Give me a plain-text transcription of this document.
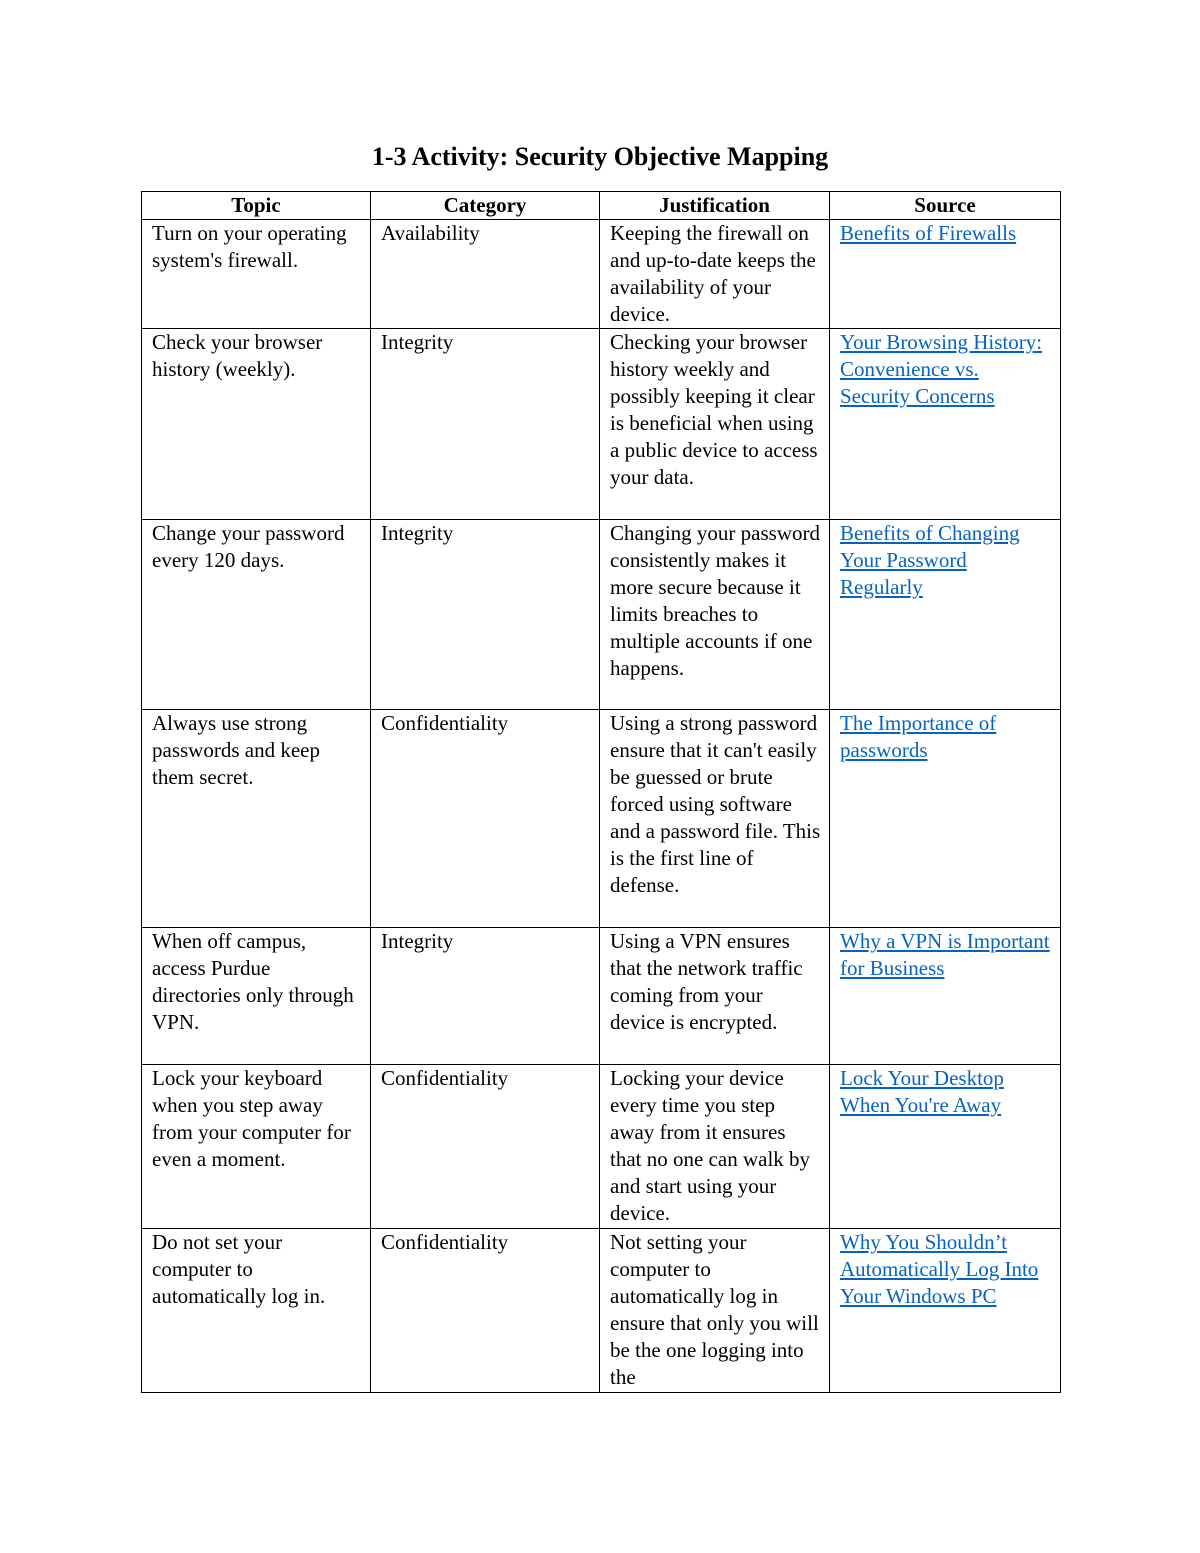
1-3 Activity: Security Objective Mapping
Topic	Category	Justification	Source
Turn on your operating system's firewall.	Availability	Keeping the firewall on and up-to-date keeps the availability of your device.	Benefits of Firewalls
Check your browser history (weekly).	Integrity	Checking your browser history weekly and possibly keeping it clear is beneficial when using a public device to access your data.	Your Browsing History: Convenience vs. Security Concerns
Change your password every 120 days.	Integrity	Changing your password consistently makes it more secure because it limits breaches to multiple accounts if one happens.	Benefits of Changing Your Password Regularly
Always use strong passwords and keep them secret.	Confidentiality	Using a strong password ensure that it can't easily be guessed or brute forced using software and a password file. This is the first line of defense.	The Importance of passwords
When off campus, access Purdue directories only through VPN.	Integrity	Using a VPN ensures that the network traffic coming from your device is encrypted.	Why a VPN is Important for Business
Lock your keyboard when you step away from your computer for even a moment.	Confidentiality	Locking your device every time you step away from it ensures that no one can walk by and start using your device.	Lock Your Desktop When You're Away
Do not set your computer to automatically log in.	Confidentiality	Not setting your computer to automatically log in ensure that only you will be the one logging into the	Why You Shouldn’t Automatically Log Into Your Windows PC
